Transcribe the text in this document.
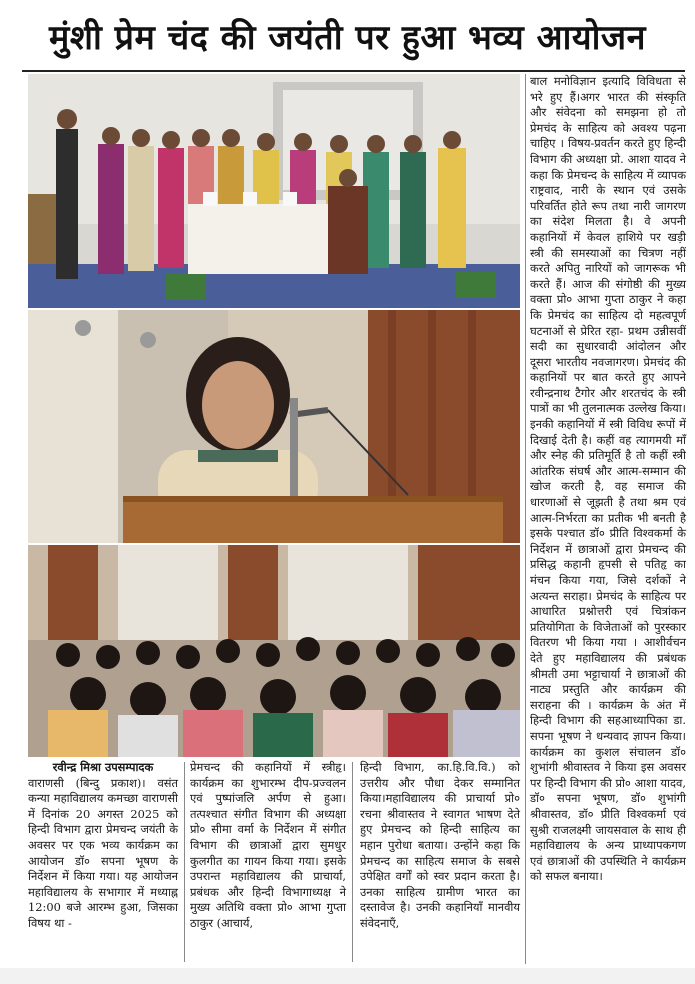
मुंशी प्रेम चंद की जयंती पर हुआ भव्य आयोजन

बाल मनोविज्ञान इत्यादि विविधता से भरे हुए हैं।अगर भारत की संस्कृति और संवेदना को समझना हो तो प्रेमचंद के साहित्य को अवश्य पढ़ना चाहिए । विषय-प्रवर्तन करते हुए हिन्दी विभाग की अध्यक्षा प्रो. आशा यादव ने कहा कि प्रेमचन्द के साहित्य में व्यापक राष्ट्रवाद, नारी के स्थान एवं उसके परिवर्तित होते रूप तथा नारी जागरण का संदेश मिलता है। वे अपनी कहानियों में केवल हाशिये पर खड़ी स्त्री की समस्याओं का चित्रण नहीं करते अपितु नारियों को जागरूक भी करते हैं। आज की संगोष्ठी की मुख्य वक्ता प्रो० आभा गुप्ता ठाकुर ने कहा कि प्रेमचंद का साहित्य दो महत्वपूर्ण घटनाओं से प्रेरित रहा- प्रथम उन्नीसवीं सदी का सुधारवादी आंदोलन और दूसरा भारतीय नवजागरण। प्रेमचंद की कहानियों पर बात करते हुए आपने रवीन्द्रनाथ टैगोर और शरतचंद के स्त्री पात्रों का भी तुलनात्मक उल्लेख किया। इनकी कहानियों में स्त्री विविध रूपों में दिखाई देती है। कहीं वह त्यागमयी माँ और स्नेह की प्रतिमूर्ति है तो कहीं स्त्री आंतरिक संघर्ष और आत्म-सम्मान की खोज करती है, वह समाज की धारणाओं से जूझती है तथा श्रम एवं आत्म-निर्भरता का प्रतीक भी बनती है इसके पश्चात डॉ० प्रीति विश्वकर्मा के निर्देशन में छात्राओं द्वारा प्रेमचन्द की प्रसिद्ध कहानी हृपसी से पतिहृ का मंचन किया गया, जिसे दर्शकों ने अत्यन्त सराहा। प्रेमचंद के साहित्य पर आधारित प्रश्नोत्तरी एवं चित्रांकन प्रतियोगिता के विजेताओं को पुरस्कार वितरण भी किया गया । आशीर्वचन देते हुए महाविद्यालय की प्रबंधक श्रीमती उमा भट्टाचार्या ने छात्राओं की नाट्य प्रस्तुति और कार्यक्रम की सराहना की । कार्यक्रम के अंत में हिन्दी विभाग की सहआध्यापिका डा. सपना भूषण ने धन्यवाद ज्ञापन किया। कार्यक्रम का कुशल संचालन डॉ० शुभांगी श्रीवास्तव ने किया इस अवसर पर हिन्दी विभाग की प्रो० आशा यादव, डॉ० सपना भूषण, डॉ० शुभांगी श्रीवास्तव, डॉ० प्रीति विश्वकर्मा एवं सुश्री राजलक्ष्मी जायसवाल के साथ ही महाविद्यालय के अन्य प्राध्यापकगण एवं छात्राओं की उपस्थिति ने कार्यक्रम को सफल बनाया।

रवीन्द्र मिश्रा उपसम्पादक

वाराणसी (बिन्दु प्रकाश)। वसंत कन्या महाविद्यालय कमच्छा वाराणसी में दिनांक 20 अगस्त 2025 को हिन्दी विभाग द्वारा प्रेमचन्द जयंती के अवसर पर एक भव्य कार्यक्रम का आयोजन डॉ० सपना भूषण के निर्देशन में किया गया। यह आयोजन महाविद्यालय के सभागार में मध्याह्न 12:00 बजे आरम्भ हुआ, जिसका विषय था -

प्रेमचन्द की कहानियों में स्त्रीहृ। कार्यक्रम का शुभारम्भ दीप-प्रज्वलन एवं पुष्पांजलि अर्पण से हुआ। तत्पश्चात संगीत विभाग की अध्यक्षा प्रो० सीमा वर्मा के निर्देशन में संगीत विभाग की छात्राओं द्वारा सुमधुर कुलगीत का गायन किया गया। इसके उपरान्त महाविद्यालय की प्राचार्या, प्रबंधक और हिन्दी विभागाध्यक्ष ने मुख्य अतिथि वक्ता प्रो० आभा गुप्ता ठाकुर (आचार्य,

हिन्दी विभाग, का.हि.वि.वि.) को उत्तरीय और पौधा देकर सम्मानित किया।महाविद्यालय की प्राचार्या प्रो० रचना श्रीवास्तव ने स्वागत भाषण देते हुए प्रेमचन्द को हिन्दी साहित्य का महान पुरोधा बताया। उन्होंने कहा कि प्रेमचन्द का साहित्य समाज के सबसे उपेक्षित वर्गों को स्वर प्रदान करता है। उनका साहित्य ग्रामीण भारत का दस्तावेज है। उनकी कहानियाँ मानवीय संवेदनाएँ,
